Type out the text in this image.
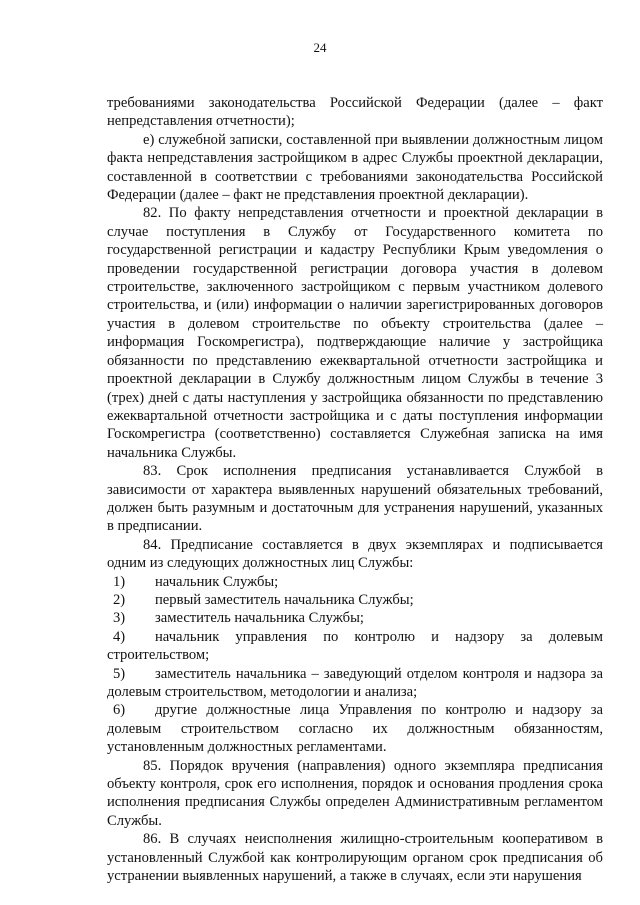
24

требованиями законодательства Российской Федерации (далее – факт непредставления отчетности);

е) служебной записки, составленной при выявлении должностным лицом факта непредставления застройщиком в адрес Службы проектной декларации, составленной в соответствии с требованиями законодательства Российской Федерации (далее – факт не представления проектной декларации).

82. По факту непредставления отчетности и проектной декларации в случае поступления в Службу от Государственного комитета по государственной регистрации и кадастру Республики Крым уведомления о проведении государственной регистрации договора участия в долевом строительстве, заключенного застройщиком с первым участником долевого строительства, и (или) информации о наличии зарегистрированных договоров участия в долевом строительстве по объекту строительства (далее – информация Госкомрегистра), подтверждающие наличие у застройщика обязанности по представлению ежеквартальной отчетности застройщика и проектной декларации в Службу должностным лицом Службы в течение 3 (трех) дней с даты наступления у застройщика обязанности по представлению ежеквартальной отчетности застройщика и с даты поступления информации Госкомрегистра (соответственно) составляется Служебная записка на имя начальника Службы.

83. Срок исполнения предписания устанавливается Службой в зависимости от характера выявленных нарушений обязательных требований, должен быть разумным и достаточным для устранения нарушений, указанных в предписании.

84. Предписание составляется в двух экземплярах и подписывается одним из следующих должностных лиц Службы:

1) начальник Службы;

2) первый заместитель начальника Службы;

3) заместитель начальника Службы;

4) начальник управления по контролю и надзору за долевым строительством;

5) заместитель начальника – заведующий отделом контроля и надзора за долевым строительством, методологии и анализа;

6) другие должностные лица Управления по контролю и надзору за долевым строительством согласно их должностным обязанностям, установленным должностных регламентами.

85. Порядок вручения (направления) одного экземпляра предписания объекту контроля, срок его исполнения, порядок и основания продления срока исполнения предписания Службы определен Административным регламентом Службы.

86. В случаях неисполнения жилищно-строительным кооперативом в установленный Службой как контролирующим органом срок предписания об устранении выявленных нарушений, а также в случаях, если эти нарушения
